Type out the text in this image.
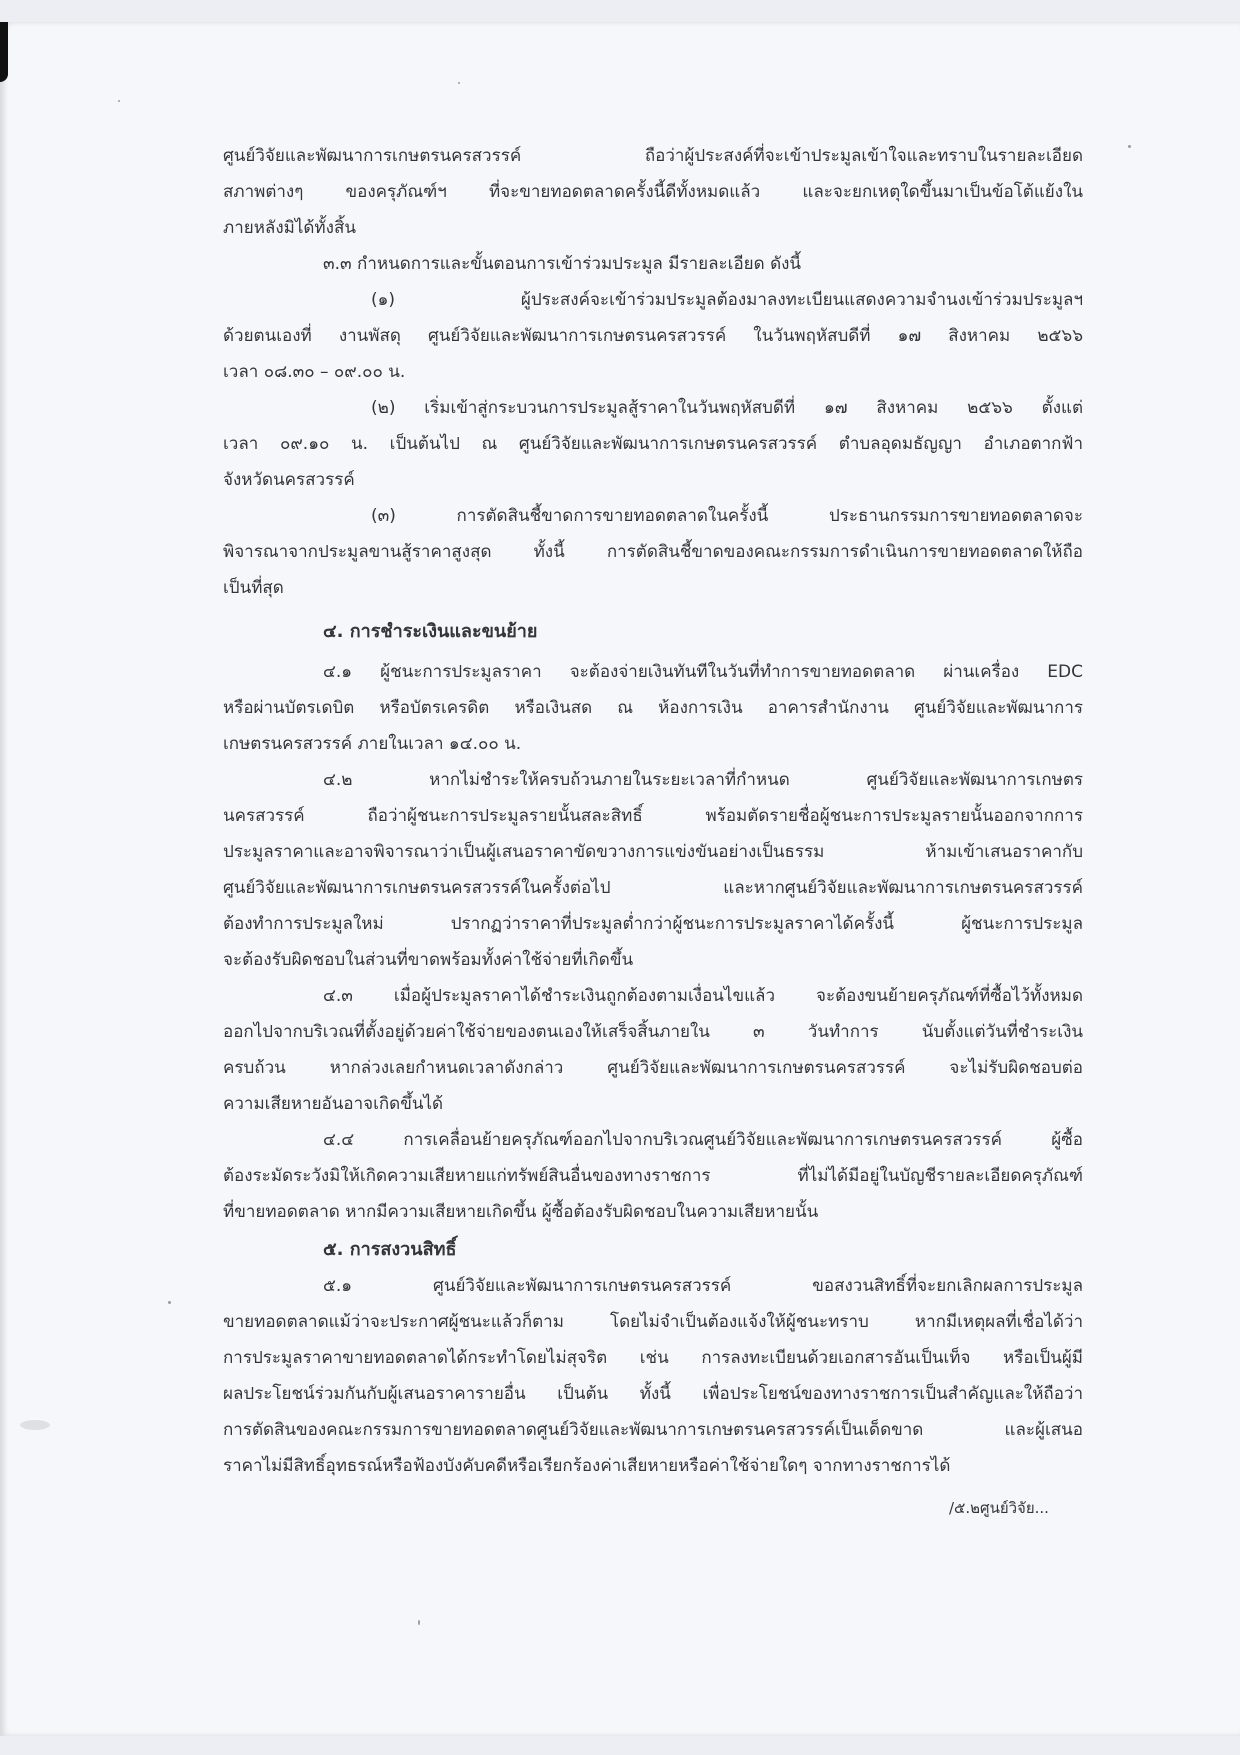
ศูนย์วิจัยและพัฒนาการเกษตรนครสวรรค์ ถือว่าผู้ประสงค์ที่จะเข้าประมูลเข้าใจและทราบในรายละเอียด
สภาพต่างๆ ของครุภัณฑ์ฯ ที่จะขายทอดตลาดครั้งนี้ดีทั้งหมดแล้ว และจะยกเหตุใดขึ้นมาเป็นข้อโต้แย้งใน
ภายหลังมิได้ทั้งสิ้น
๓.๓ กำหนดการและขั้นตอนการเข้าร่วมประมูล มีรายละเอียด ดังนี้
(๑) ผู้ประสงค์จะเข้าร่วมประมูลต้องมาลงทะเบียนแสดงความจำนงเข้าร่วมประมูลฯ
ด้วยตนเองที่ งานพัสดุ ศูนย์วิจัยและพัฒนาการเกษตรนครสวรรค์ ในวันพฤหัสบดีที่ ๑๗ สิงหาคม ๒๕๖๖
เวลา ๐๘.๓๐ – ๐๙.๐๐ น.
(๒) เริ่มเข้าสู่กระบวนการประมูลสู้ราคาในวันพฤหัสบดีที่ ๑๗ สิงหาคม ๒๕๖๖ ตั้งแต่
เวลา ๐๙.๑๐ น. เป็นต้นไป ณ ศูนย์วิจัยและพัฒนาการเกษตรนครสวรรค์ ตำบลอุดมธัญญา อำเภอตากฟ้า
จังหวัดนครสวรรค์
(๓) การตัดสินชี้ขาดการขายทอดตลาดในครั้งนี้ ประธานกรรมการขายทอดตลาดจะ
พิจารณาจากประมูลขานสู้ราคาสูงสุด ทั้งนี้ การตัดสินชี้ขาดของคณะกรรมการดำเนินการขายทอดตลาดให้ถือ
เป็นที่สุด
๔. การชำระเงินและขนย้าย
๔.๑ ผู้ชนะการประมูลราคา จะต้องจ่ายเงินทันทีในวันที่ทำการขายทอดตลาด ผ่านเครื่อง EDC
หรือผ่านบัตรเดบิต หรือบัตรเครดิต หรือเงินสด ณ ห้องการเงิน อาคารสำนักงาน ศูนย์วิจัยและพัฒนาการ
เกษตรนครสวรรค์ ภายในเวลา ๑๔.๐๐ น.
๔.๒ หากไม่ชำระให้ครบถ้วนภายในระยะเวลาที่กำหนด ศูนย์วิจัยและพัฒนาการเกษตร
นครสวรรค์ ถือว่าผู้ชนะการประมูลรายนั้นสละสิทธิ์ พร้อมตัดรายชื่อผู้ชนะการประมูลรายนั้นออกจากการ
ประมูลราคาและอาจพิจารณาว่าเป็นผู้เสนอราคาขัดขวางการแข่งขันอย่างเป็นธรรม ห้ามเข้าเสนอราคากับ
ศูนย์วิจัยและพัฒนาการเกษตรนครสวรรค์ในครั้งต่อไป และหากศูนย์วิจัยและพัฒนาการเกษตรนครสวรรค์
ต้องทำการประมูลใหม่ ปรากฏว่าราคาที่ประมูลต่ำกว่าผู้ชนะการประมูลราคาได้ครั้งนี้ ผู้ชนะการประมูล
จะต้องรับผิดชอบในส่วนที่ขาดพร้อมทั้งค่าใช้จ่ายที่เกิดขึ้น
๔.๓ เมื่อผู้ประมูลราคาได้ชำระเงินถูกต้องตามเงื่อนไขแล้ว จะต้องขนย้ายครุภัณฑ์ที่ซื้อไว้ทั้งหมด
ออกไปจากบริเวณที่ตั้งอยู่ด้วยค่าใช้จ่ายของตนเองให้เสร็จสิ้นภายใน ๓ วันทำการ นับตั้งแต่วันที่ชำระเงิน
ครบถ้วน หากล่วงเลยกำหนดเวลาดังกล่าว ศูนย์วิจัยและพัฒนาการเกษตรนครสวรรค์ จะไม่รับผิดชอบต่อ
ความเสียหายอันอาจเกิดขึ้นได้
๔.๔ การเคลื่อนย้ายครุภัณฑ์ออกไปจากบริเวณศูนย์วิจัยและพัฒนาการเกษตรนครสวรรค์ ผู้ซื้อ
ต้องระมัดระวังมิให้เกิดความเสียหายแก่ทรัพย์สินอื่นของทางราชการ ที่ไม่ได้มีอยู่ในบัญชีรายละเอียดครุภัณฑ์
ที่ขายทอดตลาด หากมีความเสียหายเกิดขึ้น ผู้ซื้อต้องรับผิดชอบในความเสียหายนั้น
๕. การสงวนสิทธิ์
๕.๑ ศูนย์วิจัยและพัฒนาการเกษตรนครสวรรค์ ขอสงวนสิทธิ์ที่จะยกเลิกผลการประมูล
ขายทอดตลาดแม้ว่าจะประกาศผู้ชนะแล้วก็ตาม โดยไม่จำเป็นต้องแจ้งให้ผู้ชนะทราบ หากมีเหตุผลที่เชื่อได้ว่า
การประมูลราคาขายทอดตลาดได้กระทำโดยไม่สุจริต เช่น การลงทะเบียนด้วยเอกสารอันเป็นเท็จ หรือเป็นผู้มี
ผลประโยชน์ร่วมกันกับผู้เสนอราคารายอื่น เป็นต้น ทั้งนี้ เพื่อประโยชน์ของทางราชการเป็นสำคัญและให้ถือว่า
การตัดสินของคณะกรรมการขายทอดตลาดศูนย์วิจัยและพัฒนาการเกษตรนครสวรรค์เป็นเด็ดขาด และผู้เสนอ
ราคาไม่มีสิทธิ์อุทธรณ์หรือฟ้องบังคับคดีหรือเรียกร้องค่าเสียหายหรือค่าใช้จ่ายใดๆ จากทางราชการได้
/๕.๒ศูนย์วิจัย...
